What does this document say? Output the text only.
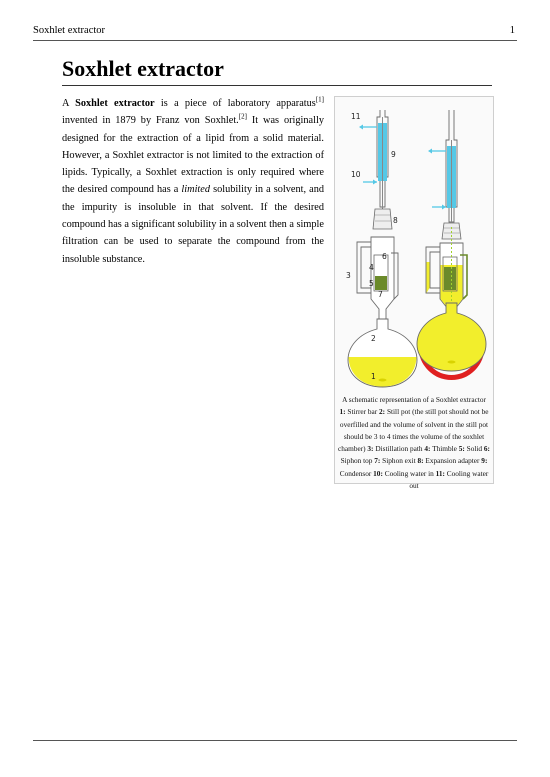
Soxhlet extractor	1
Soxhlet extractor

A Soxhlet extractor is a piece of laboratory apparatus[1] invented in 1879 by Franz von Soxhlet.[2] It was originally designed for the extraction of a lipid from a solid material. However, a Soxhlet extractor is not limited to the extraction of lipids. Typically, a Soxhlet extraction is only required where the desired compound has a limited solubility in a solvent, and the impurity is insoluble in that solvent. If the desired compound has a significant solubility in a solvent then a simple filtration can be used to separate the compound from the insoluble substance.

11
9
10
8
6
4
3
5
7
2
1
A schematic representation of a Soxhlet extractor
1: Stirrer bar 2: Still pot (the still pot should not be overfilled and the volume of solvent in the still pot should be 3 to 4 times the volume of the soxhlet chamber) 3: Distillation path 4: Thimble 5: Solid 6: Siphon top 7: Siphon exit 8: Expansion adapter 9: Condensor 10: Cooling water in 11: Cooling water out
